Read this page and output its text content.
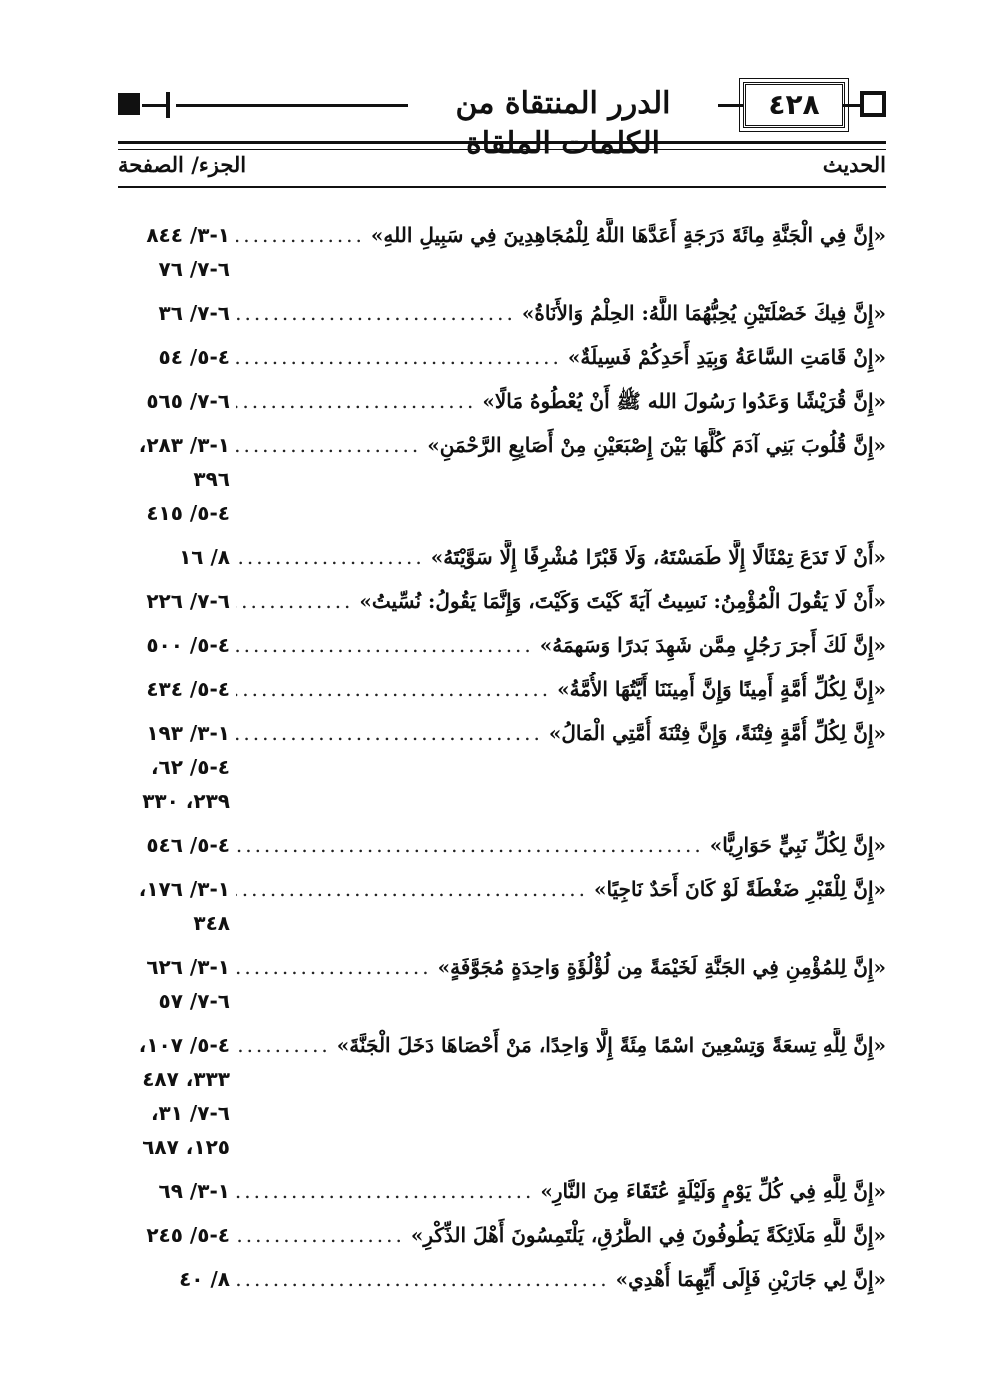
الدرر المنتقاة من الكلمات الملقاة
٤٢٨
الحديث
الجزء/ الصفحة
«إِنَّ فِي الْجَنَّةِ مِائَةَ دَرَجَةٍ أَعَدَّهَا اللَّهُ لِلْمُجَاهِدِينَ فِي سَبِيلِ اللهِ»
.....
١-٣/ ٨٤٤
٦-٧/ ٧٦
«إِنَّ فِيكَ خَصْلَتَيْنِ يُحِبُّهُمَا اللَّهُ: الحِلْمُ وَالأَنَاةُ»
.....
٦-٧/ ٣٦
«إِنْ قَامَتِ السَّاعَةُ وَبِيَدِ أَحَدِكُمْ فَسِيلَةٌ»
.....
٤-٥/ ٥٤
«إِنَّ قُرَيْشًا وَعَدُوا رَسُولَ الله ﷺ أَنْ يُعْطُوهُ مَالًا»
.....
٦-٧/ ٥٦٥
«إِنَّ قُلُوبَ بَنِي آدَمَ كُلَّهَا بَيْنَ إِصْبَعَيْنِ مِنْ أَصَابِعِ الرَّحْمَنِ»
.....
١-٣/ ٢٨٣،
٣٩٦
٤-٥/ ٤١٥
«أَنْ لَا تَدَعَ تِمْثَالًا إِلَّا طَمَسْتَهُ، وَلَا قَبْرًا مُشْرِفًا إِلَّا سَوَّيْتَهُ»
.....
٨/ ١٦
«أَنْ لَا يَقُولَ الْمُؤْمِنُ: نَسِيتُ آيَةَ كَيْتَ وَكَيْتَ، وَإِنَّمَا يَقُولُ: نُسِّيتُ»
.....
٦-٧/ ٢٢٦
«إِنَّ لَكَ أَجرَ رَجُلٍ مِمَّن شَهِدَ بَدرًا وَسَهمَهُ»
.....
٤-٥/ ٥٠٠
«إِنَّ لِكُلِّ أُمَّةٍ أَمِينًا وَإِنَّ أَمِينَنَا أَيَّتُهَا الأُمَّةُ»
.....
٤-٥/ ٤٣٤
«إِنَّ لِكُلِّ أُمَّةٍ فِتْنَةً، وَإِنَّ فِتْنَةَ أُمَّتِي الْمَالُ»
.....
١-٣/ ١٩٣
٤-٥/ ٦٢،
٢٣٩، ٣٣٠
«إِنَّ لِكُلِّ نَبِيٍّ حَوَارِيًّا»
.....
٤-٥/ ٥٤٦
«إِنَّ لِلْقَبْرِ ضَغْطَةً لَوْ كَانَ أَحَدٌ نَاجِيًا»
.....
١-٣/ ١٧٦،
٣٤٨
«إِنَّ لِلمُؤْمِنِ فِي الجَنَّةِ لَخَيْمَةً مِن لُؤْلُؤَةٍ وَاحِدَةٍ مُجَوَّفَةٍ»
.....
١-٣/ ٦٢٦
٦-٧/ ٥٧
«إِنَّ لِلَّهِ تِسعَةً وَتِسْعِينَ اسْمًا مِئَةً إِلَّا وَاحِدًا، مَنْ أَحْصَاهَا دَخَلَ الْجَنَّةَ»
.....
٤-٥/ ١٠٧،
٣٣٣، ٤٨٧
٦-٧/ ٣١،
١٢٥، ٦٨٧
«إِنَّ لِلَّهِ فِي كُلِّ يَوْمٍ وَلَيْلَةٍ عُتَقَاءَ مِنَ النَّارِ»
.....
١-٣/ ٦٩
«إِنَّ للَّهِ مَلَائِكَةً يَطُوفُونَ فِي الطُّرُقِ، يَلْتَمِسُونَ أَهْلَ الذِّكْرِ»
.....
٤-٥/ ٢٤٥
«إِنَّ لِي جَارَيْنِ فَإِلَى أَيِّهِمَا أُهْدِي»
.....
٨/ ٤٠
